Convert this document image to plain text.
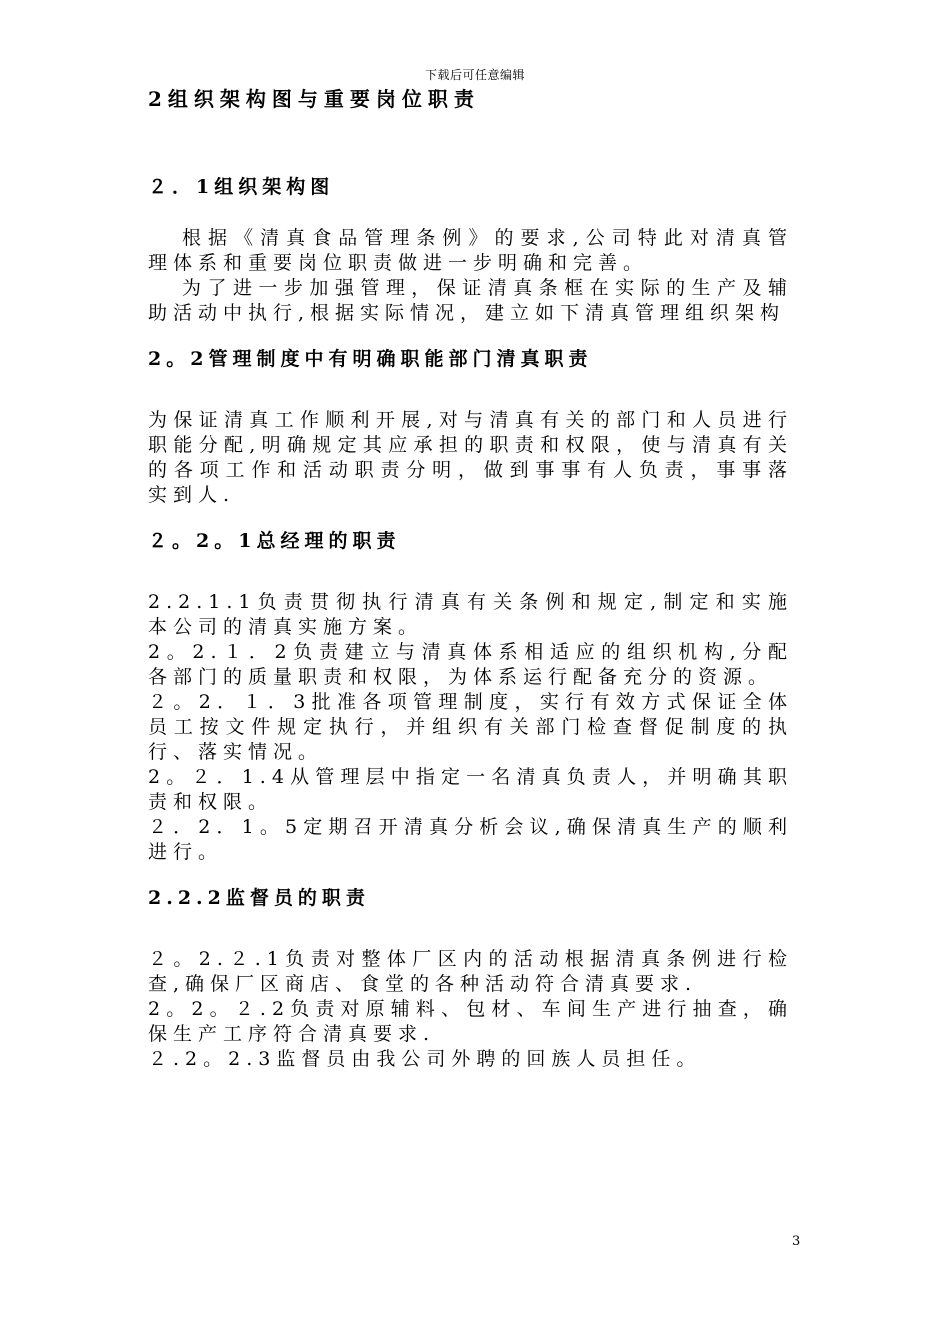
下载后可任意编辑
2组织架构图与重要岗位职责
２．1组织架构图

根据《清真食品管理条例》的要求,公司特此对清真管理体系和重要岗位职责做进一步明确和完善。

为了进一步加强管理，保证清真条框在实际的生产及辅助活动中执行,根据实际情况，建立如下清真管理组织架构

2。2管理制度中有明确职能部门清真职责

为保证清真工作顺利开展,对与清真有关的部门和人员进行职能分配,明确规定其应承担的职责和权限，使与清真有关的各项工作和活动职责分明，做到事事有人负责，事事落实到人.

２。2。1总经理的职责

2.2.1.1负责贯彻执行清真有关条例和规定,制定和实施本公司的清真实施方案。

2。2.１．2负责建立与清真体系相适应的组织机构,分配各部门的质量职责和权限，为体系运行配备充分的资源。

２。2．１．3批准各项管理制度，实行有效方式保证全体员工按文件规定执行，并组织有关部门检查督促制度的执行、落实情况。

2。２．1.4从管理层中指定一名清真负责人，并明确其职责和权限。

２．2．1。5定期召开清真分析会议,确保清真生产的顺利进行。

2.2.2监督员的职责

２。2.２.1负责对整体厂区内的活动根据清真条例进行检查,确保厂区商店、食堂的各种活动符合清真要求.

2。2。２.2负责对原辅料、包材、车间生产进行抽查，确保生产工序符合清真要求.

２.2。2.3监督员由我公司外聘的回族人员担任。

3
